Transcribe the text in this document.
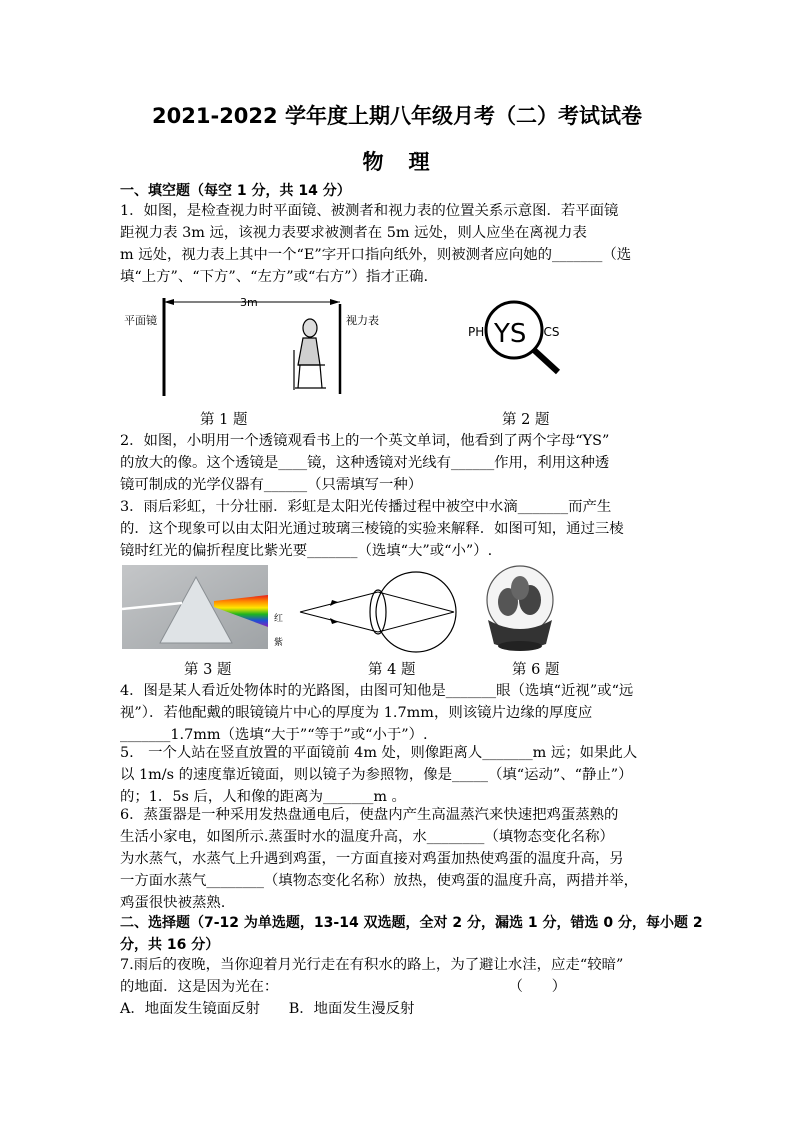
2021-2022 学年度上期八年级月考（二）考试试卷
物　理
一、填空题（每空 1 分，共 14 分）
1．如图，是检查视力时平面镜、被测者和视力表的位置关系示意图．若平面镜
距视力表 3m 远，该视力表要求被测者在 5m 远处，则人应坐在离视力表
m 远处，视力表上其中一个“E”字开口指向纸外，则被测者应向她的_______（选
填“上方”、“下方”、“左方”或“右方”）指才正确.
3m
平面镜	视力表
PH YS ICS
第 1 题	第 2 题
2．如图，小明用一个透镜观看书上的一个英文单词，他看到了两个字母“YS”
的放大的像。这个透镜是____镜，这种透镜对光线有______作用，利用这种透
镜可制成的光学仪器有______（只需填写一种）
3．雨后彩虹，十分壮丽．彩虹是太阳光传播过程中被空中水滴_______而产生
的．这个现象可以由太阳光通过玻璃三棱镜的实验来解释．如图可知，通过三棱
镜时红光的偏折程度比紫光要_______（选填“大”或“小”）.
红
紫
第 3 题	第 4 题	第 6 题
4．图是某人看近处物体时的光路图，由图可知他是_______眼（选填“近视”或“远
视”）．若他配戴的眼镜镜片中心的厚度为 1.7mm，则该镜片边缘的厚度应
_______1.7mm（选填“大于”“等于”或“小于”）.
5.　一个人站在竖直放置的平面镜前 4m 处，则像距离人_______m 远；如果此人
以 1m/s 的速度靠近镜面，则以镜子为参照物，像是_____（填“运动”、“静止”）
的；1．5s 后，人和像的距离为_______m 。
6．蒸蛋器是一种采用发热盘通电后，使盘内产生高温蒸汽来快速把鸡蛋蒸熟的
生活小家电，如图所示.蒸蛋时水的温度升高，水________（填物态变化名称）
为水蒸气，水蒸气上升遇到鸡蛋，一方面直接对鸡蛋加热使鸡蛋的温度升高，另
一方面水蒸气________（填物态变化名称）放热，使鸡蛋的温度升高，两措并举，
鸡蛋很快被蒸熟.
二、选择题（7-12 为单选题，13-14 双选题，全对 2 分，漏选 1 分，错选 0 分，每小题 2
分，共 16 分）
7.雨后的夜晚，当你迎着月光行走在有积水的路上，为了避让水洼，应走“较暗”
的地面．这是因为光在：　　　　　　　　　　　　　　　　　（　　）
A．地面发生镜面反射　　B．地面发生漫反射
